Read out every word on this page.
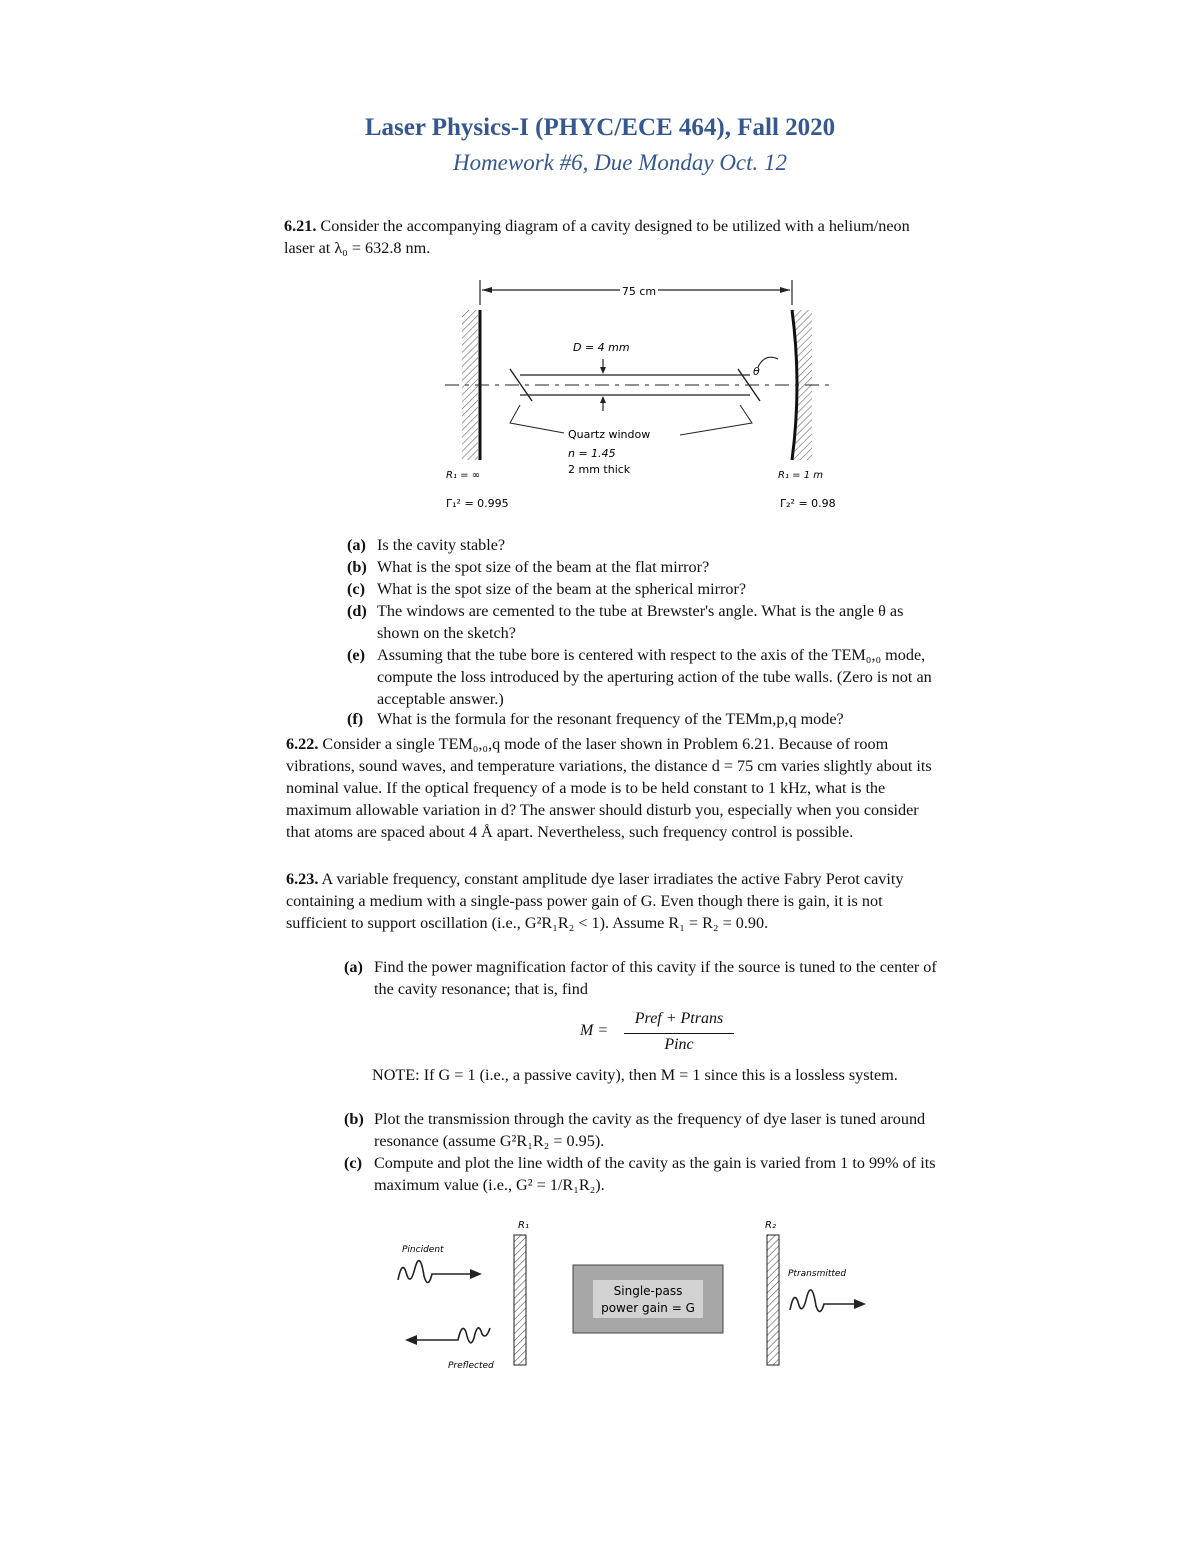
Laser Physics-I (PHYC/ECE 464), Fall 2020
Homework #6, Due Monday Oct. 12
6.21. Consider the accompanying diagram of a cavity designed to be utilized with a helium/neon laser at λ₀ = 632.8 nm.
75 cm
D = 4 mm
θ
Quartz window
n = 1.45
2 mm thick
R₁ = ∞	R₁ = 1 m
Γ₁² = 0.995	Γ₂² = 0.98
(a) Is the cavity stable?
(b) What is the spot size of the beam at the flat mirror?
(c) What is the spot size of the beam at the spherical mirror?
(d) The windows are cemented to the tube at Brewster's angle. What is the angle θ as shown on the sketch?
(e) Assuming that the tube bore is centered with respect to the axis of the TEM₀,₀ mode, compute the loss introduced by the aperturing action of the tube walls. (Zero is not an acceptable answer.)
(f) What is the formula for the resonant frequency of the TEMm,p,q mode?
6.22. Consider a single TEM₀,₀,q mode of the laser shown in Problem 6.21. Because of room vibrations, sound waves, and temperature variations, the distance d = 75 cm varies slightly about its nominal value. If the optical frequency of a mode is to be held constant to 1 kHz, what is the maximum allowable variation in d? The answer should disturb you, especially when you consider that atoms are spaced about 4 Å apart. Nevertheless, such frequency control is possible.
6.23. A variable frequency, constant amplitude dye laser irradiates the active Fabry Perot cavity containing a medium with a single-pass power gain of G. Even though there is gain, it is not sufficient to support oscillation (i.e., G²R₁R₂ < 1). Assume R₁ = R₂ = 0.90.
(a) Find the power magnification factor of this cavity if the source is tuned to the center of the cavity resonance; that is, find
M =
Pref + Ptrans
Pinc
NOTE: If G = 1 (i.e., a passive cavity), then M = 1 since this is a lossless system.
(b) Plot the transmission through the cavity as the frequency of dye laser is tuned around resonance (assume G²R₁R₂ = 0.95).
(c) Compute and plot the line width of the cavity as the gain is varied from 1 to 99% of its maximum value (i.e., G² = 1/R₁R₂).
R₁	R₂
Single-pass
power gain = G
Pincident
Preflected
Ptransmitted
